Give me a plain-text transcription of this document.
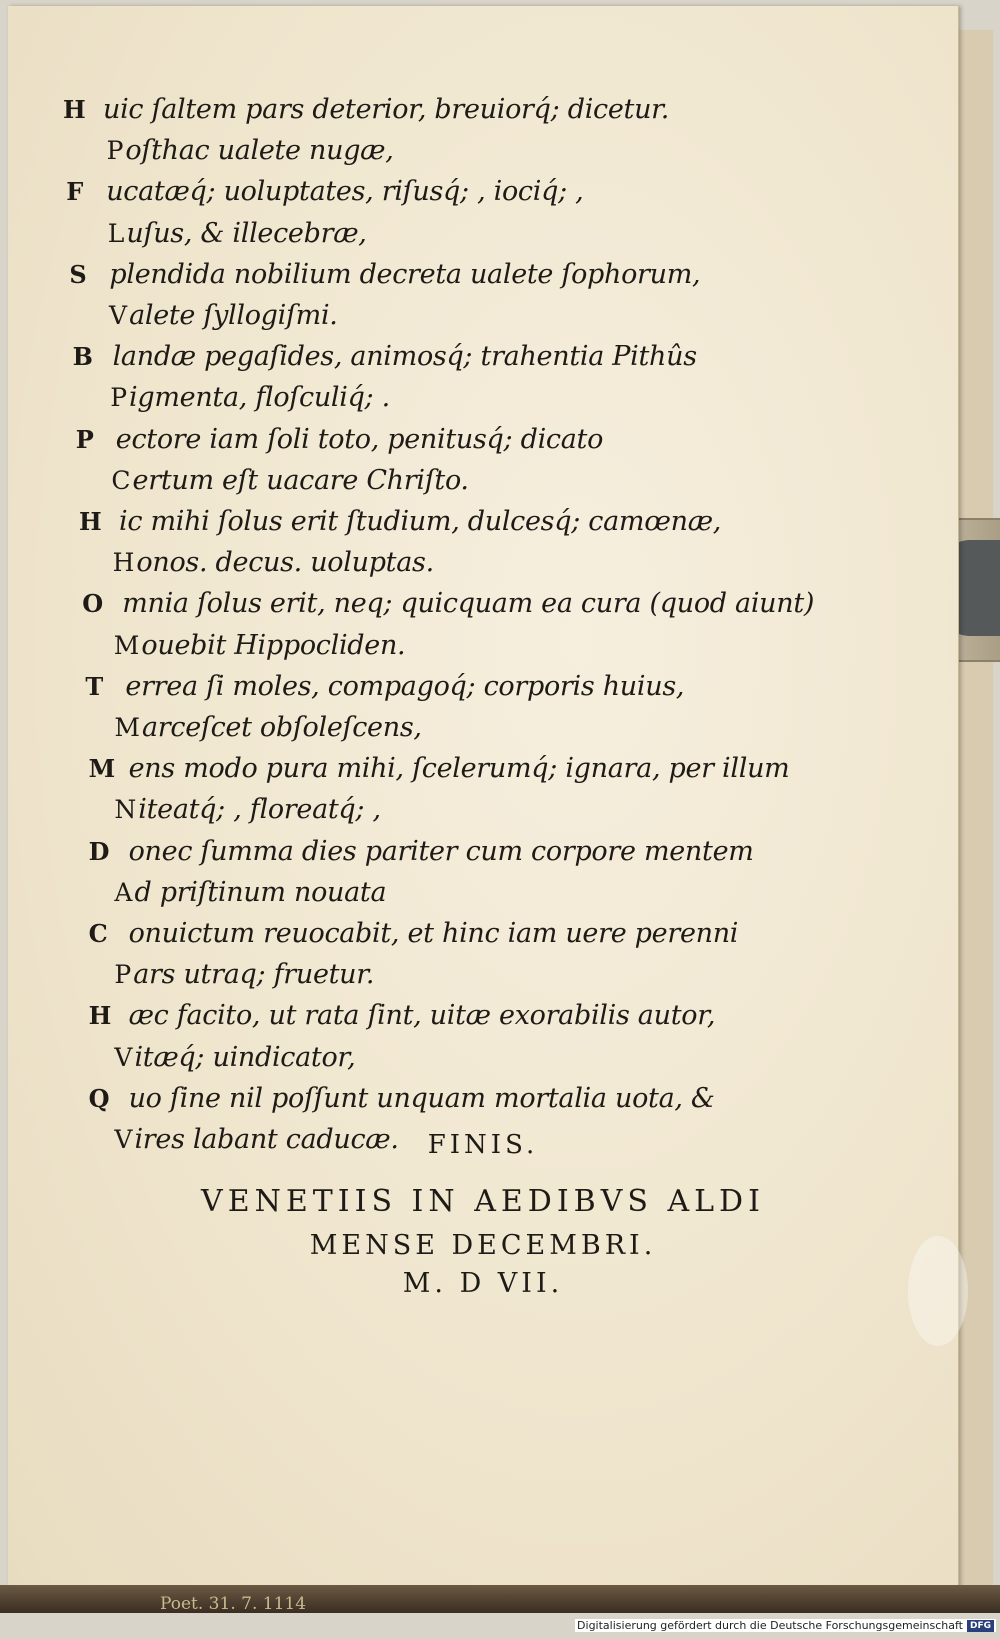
FINIS.
VENETIIS IN AEDIBVS ALDI
MENSE DECEMBRI.
M. D VII.
H uic ſaltem pars deterior, breuiorq́; dicetur.
P oſthac ualete nugæ,
F ucatæq́; uoluptates, riſusq́; , iociq́; ,
L uſus, & illecebræ,
S plendida nobilium decreta ualete ſophorum,
V alete ſyllogiſmi.
B landæ pegaſides, animosq́; trahentia Pithûs
P igmenta, floſculiq́; .
P ectore iam ſoli toto, penitusq́; dicato
C ertum eſt uacare Chriſto.
H ic mihi ſolus erit ſtudium, dulcesq́; camœnæ,
H onos. decus. uoluptas.
O mnia ſolus erit, neq; quicquam ea cura (quod aiunt)
M ouebit Hippocliden.
T errea ſi moles, compagoq́; corporis huius,
M arceſcet obſoleſcens,
M ens modo pura mihi, ſcelerumq́; ignara, per illum
N iteatq́; , floreatq́; ,
D onec ſumma dies pariter cum corpore mentem
A d priſtinum nouata
C onuictum reuocabit, et hinc iam uere perenni
P ars utraq; fruetur.
H æc facito, ut rata ſint, uitæ exorabilis autor,
V itæq́; uindicator,
Q uo ſine nil poſſunt unquam mortalia uota, &
V ires labant caducæ.
Poet. 31. 7. 1114
Digitalisierung gefördert durch die Deutsche Forschungsgemeinschaft DFG
